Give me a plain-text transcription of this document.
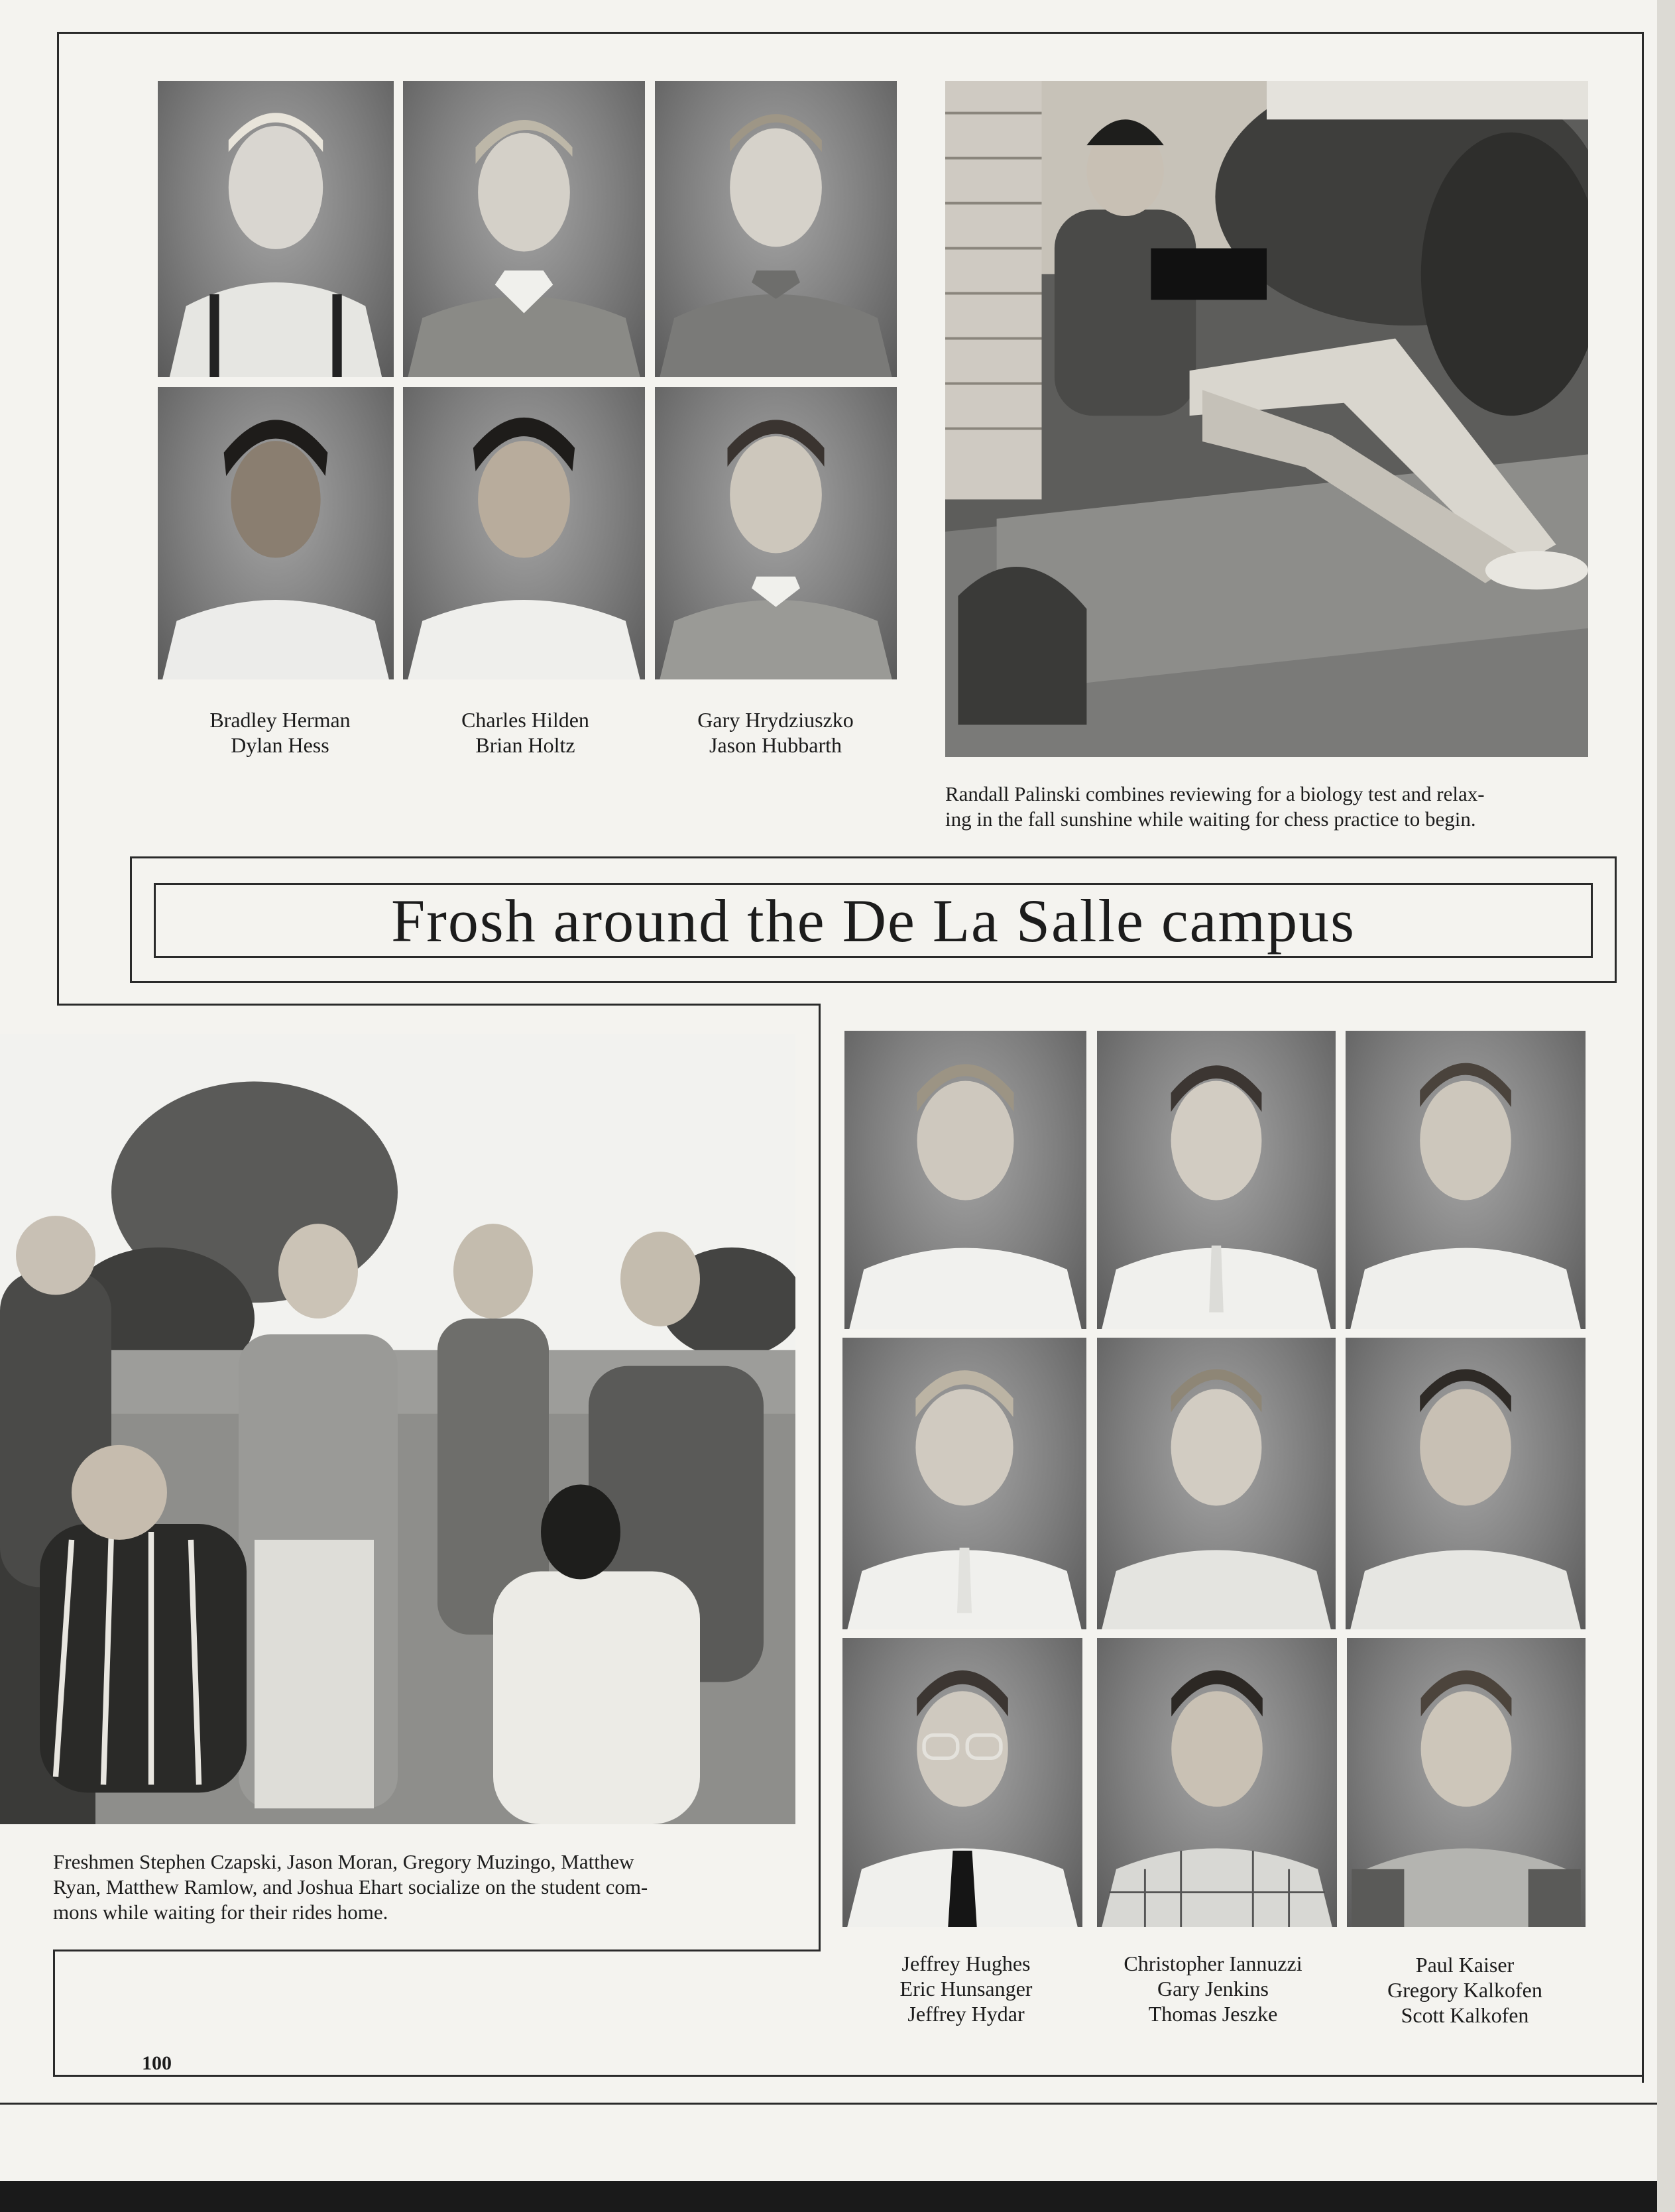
Bradley Herman
Dylan Hess
Charles Hilden
Brian Holtz
Gary Hrydziuszko
Jason Hubbarth
Randall Palinski combines reviewing for a biology test and relax-
ing in the fall sunshine while waiting for chess practice to begin.
Frosh around the De La Salle campus
Freshmen Stephen Czapski, Jason Moran, Gregory Muzingo, Matthew
Ryan, Matthew Ramlow, and Joshua Ehart socialize on the student com-
mons while waiting for their rides home.
Jeffrey Hughes
Eric Hunsanger
Jeffrey Hydar
Christopher Iannuzzi
Gary Jenkins
Thomas Jeszke
Paul Kaiser
Gregory Kalkofen
Scott Kalkofen
100
